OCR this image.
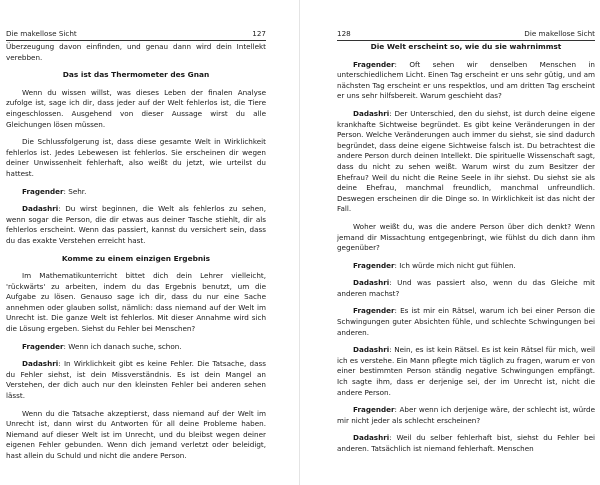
Die makellose Sicht	127

Überzeugung davon einfinden, und genau dann wird dein Intellekt verebben.

Das ist das Thermometer des Gnan

Wenn du wissen willst, was dieses Leben der finalen Analyse zufolge ist, sage ich dir, dass jeder auf der Welt fehlerlos ist, die Tiere eingeschlossen. Ausgehend von dieser Aussage wirst du alle Gleichungen lösen müssen.

Die Schlussfolgerung ist, dass diese gesamte Welt in Wirklichkeit fehlerlos ist. Jedes Lebewesen ist fehlerlos. Sie erscheinen dir wegen deiner Unwissenheit fehlerhaft, also weißt du jetzt, wie urteilst du hattest.

Fragender: Sehr.

Dadashri: Du wirst beginnen, die Welt als fehlerlos zu sehen, wenn sogar die Person, die dir etwas aus deiner Tasche stiehlt, dir als fehlerlos erscheint. Wenn das passiert, kannst du versichert sein, dass du das exakte Verstehen erreicht hast.

Komme zu einem einzigen Ergebnis

Im Mathematikunterricht bittet dich dein Lehrer vielleicht, 'rückwärts' zu arbeiten, indem du das Ergebnis benutzt, um die Aufgabe zu lösen. Genauso sage ich dir, dass du nur eine Sache annehmen oder glauben sollst, nämlich: dass niemand auf der Welt im Unrecht ist. Die ganze Welt ist fehlerlos. Mit dieser Annahme wird sich die Lösung ergeben. Siehst du Fehler bei Menschen?

Fragender: Wenn ich danach suche, schon.

Dadashri: In Wirklichkeit gibt es keine Fehler. Die Tatsache, dass du Fehler siehst, ist dein Missverständnis. Es ist dein Mangel an Verstehen, der dich auch nur den kleinsten Fehler bei anderen sehen lässt.

Wenn du die Tatsache akzeptierst, dass niemand auf der Welt im Unrecht ist, dann wirst du Antworten für all deine Probleme haben. Niemand auf dieser Welt ist im Unrecht, und du bleibst wegen deiner eigenen Fehler gebunden. Wenn dich jemand verletzt oder beleidigt, hast allein du Schuld und nicht die andere Person.

128	Die makellose Sicht
Die Welt erscheint so, wie du sie wahrnimmst

Fragender: Oft sehen wir denselben Menschen in unterschiedlichem Licht. Einen Tag erscheint er uns sehr gütig, und am nächsten Tag erscheint er uns respektlos, und am dritten Tag erscheint er uns sehr hilfsbereit. Warum geschieht das?

Dadashri: Der Unterschied, den du siehst, ist durch deine eigene krankhafte Sichtweise begründet. Es gibt keine Veränderungen in der Person. Welche Veränderungen auch immer du siehst, sie sind dadurch begründet, dass deine eigene Sichtweise falsch ist. Du betrachtest die andere Person durch deinen Intellekt. Die spirituelle Wissenschaft sagt, dass du nicht zu sehen weißt. Warum wirst du zum Besitzer der Ehefrau? Weil du nicht die Reine Seele in ihr siehst. Du siehst sie als deine Ehefrau, manchmal freundlich, manchmal unfreundlich. Deswegen erscheinen dir die Dinge so. In Wirklichkeit ist das nicht der Fall.

Woher weißt du, was die andere Person über dich denkt? Wenn jemand dir Missachtung entgegenbringt, wie fühlst du dich dann ihm gegenüber?

Fragender: Ich würde mich nicht gut fühlen.

Dadashri: Und was passiert also, wenn du das Gleiche mit anderen machst?

Fragender: Es ist mir ein Rätsel, warum ich bei einer Person die Schwingungen guter Absichten fühle, und schlechte Schwingungen bei anderen.

Dadashri: Nein, es ist kein Rätsel. Es ist kein Rätsel für mich, weil ich es verstehe. Ein Mann pflegte mich täglich zu fragen, warum er von einer bestimmten Person ständig negative Schwingungen empfängt. Ich sagte ihm, dass er derjenige sei, der im Unrecht ist, nicht die andere Person.

Fragender: Aber wenn ich derjenige wäre, der schlecht ist, würde mir nicht jeder als schlecht erscheinen?

Dadashri: Weil du selber fehlerhaft bist, siehst du Fehler bei anderen. Tatsächlich ist niemand fehlerhaft. Menschen
